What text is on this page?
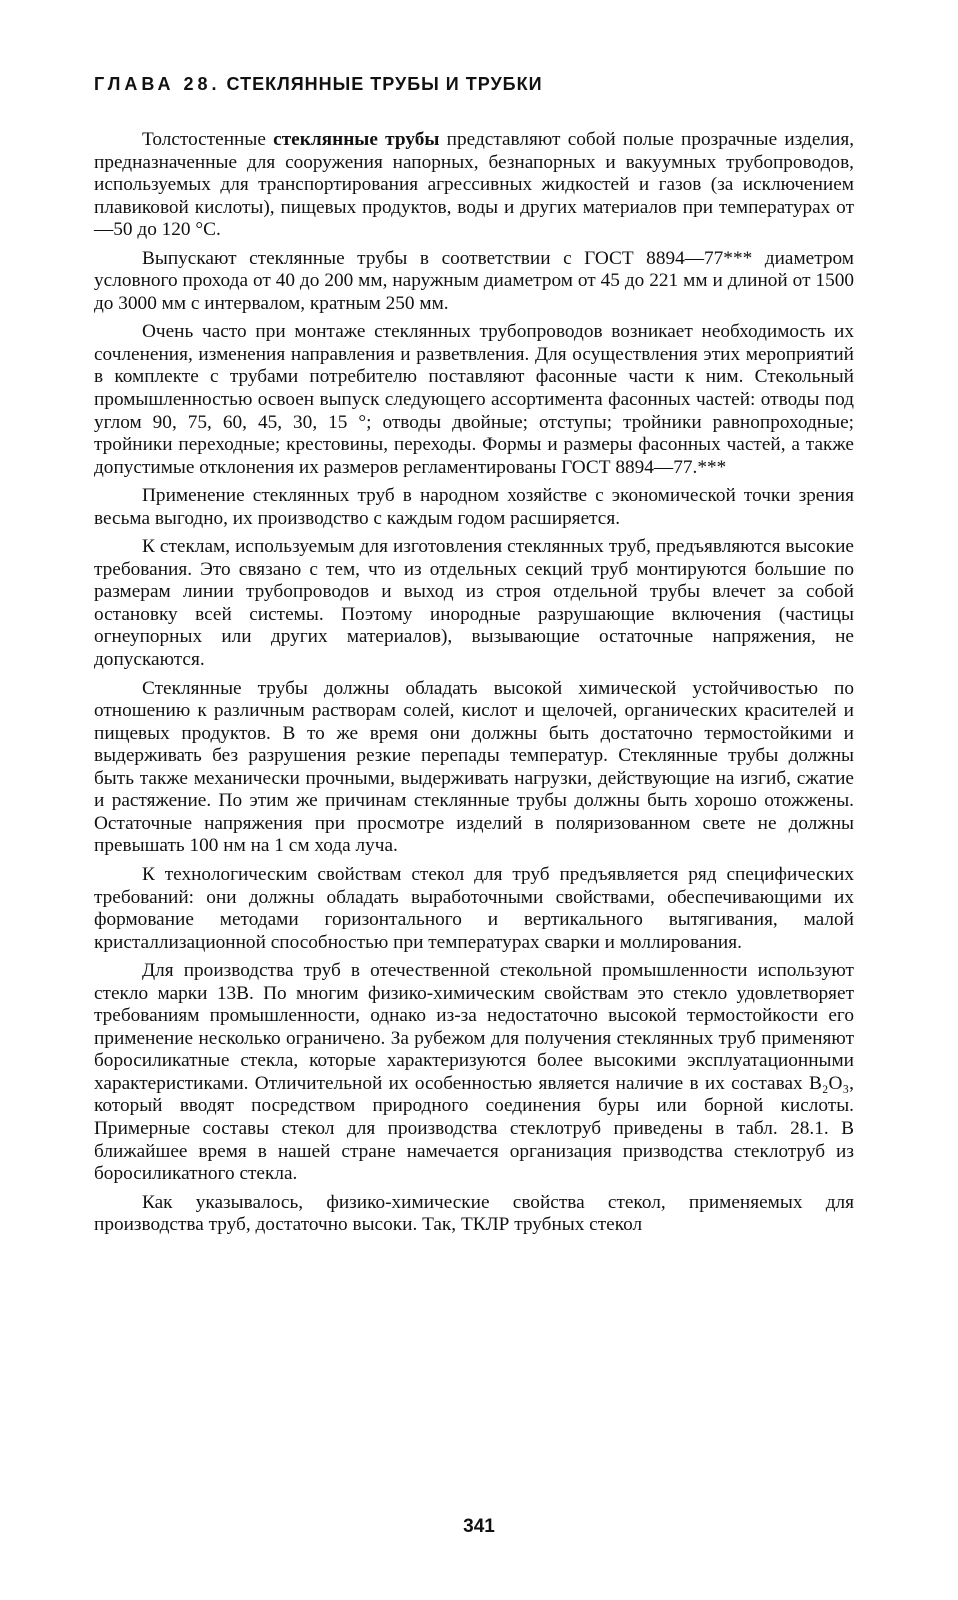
ГЛАВА 28. СТЕКЛЯННЫЕ ТРУБЫ И ТРУБКИ

Толстостенные стеклянные трубы представляют собой полые прозрачные изделия, предназначенные для сооружения напорных, безнапорных и вакуумных трубопроводов, используемых для транспортирования агрессивных жидкостей и газов (за исключением плавиковой кислоты), пищевых продуктов, воды и других материалов при температурах от —50 до 120 °С.

Выпускают стеклянные трубы в соответствии с ГОСТ 8894—77*** диаметром условного прохода от 40 до 200 мм, наружным диаметром от 45 до 221 мм и длиной от 1500 до 3000 мм с интервалом, кратным 250 мм.

Очень часто при монтаже стеклянных трубопроводов возникает необходимость их сочленения, изменения направления и разветвления. Для осуществления этих мероприятий в комплекте с трубами потребителю поставляют фасонные части к ним. Стекольный промышленностью освоен выпуск следующего ассортимента фасонных частей: отводы под углом 90, 75, 60, 45, 30, 15 °; отводы двойные; отступы; тройники равнопроходные; тройники переходные; крестовины, переходы. Формы и размеры фасонных частей, а также допустимые отклонения их размеров регламентированы ГОСТ 8894—77.***

Применение стеклянных труб в народном хозяйстве с экономической точки зрения весьма выгодно, их производство с каждым годом расширяется.

К стеклам, используемым для изготовления стеклянных труб, предъявляются высокие требования. Это связано с тем, что из отдельных секций труб монтируются большие по размерам линии трубопроводов и выход из строя отдельной трубы влечет за собой остановку всей системы. Поэтому инородные разрушающие включения (частицы огнеупорных или других материалов), вызывающие остаточные напряжения, не допускаются.

Стеклянные трубы должны обладать высокой химической устойчивостью по отношению к различным растворам солей, кислот и щелочей, органических красителей и пищевых продуктов. В то же время они должны быть достаточно термостойкими и выдерживать без разрушения резкие перепады температур. Стеклянные трубы должны быть также механически прочными, выдерживать нагрузки, действующие на изгиб, сжатие и растяжение. По этим же причинам стеклянные трубы должны быть хорошо отожжены. Остаточные напряжения при просмотре изделий в поляризованном свете не должны превышать 100 нм на 1 см хода луча.

К технологическим свойствам стекол для труб предъявляется ряд специфических требований: они должны обладать выработочными свойствами, обеспечивающими их формование методами горизонтального и вертикального вытягивания, малой кристаллизационной способностью при температурах сварки и моллирования.

Для производства труб в отечественной стекольной промышленности используют стекло марки 13В. По многим физико-химическим свойствам это стекло удовлетворяет требованиям промышленности, однако из-за недостаточно высокой термостойкости его применение несколько ограничено. За рубежом для получения стеклянных труб применяют боросиликатные стекла, которые характеризуются более высокими эксплуатационными характеристиками. Отличительной их особенностью является наличие в их составах B₂O₃, который вводят посредством природного соединения буры или борной кислоты. Примерные составы стекол для производства стеклотруб приведены в табл. 28.1. В ближайшее время в нашей стране намечается организация призводства стеклотруб из боросиликатного стекла.

Как указывалось, физико-химические свойства стекол, применяемых для производства труб, достаточно высоки. Так, ТКЛР трубных стекол

341
